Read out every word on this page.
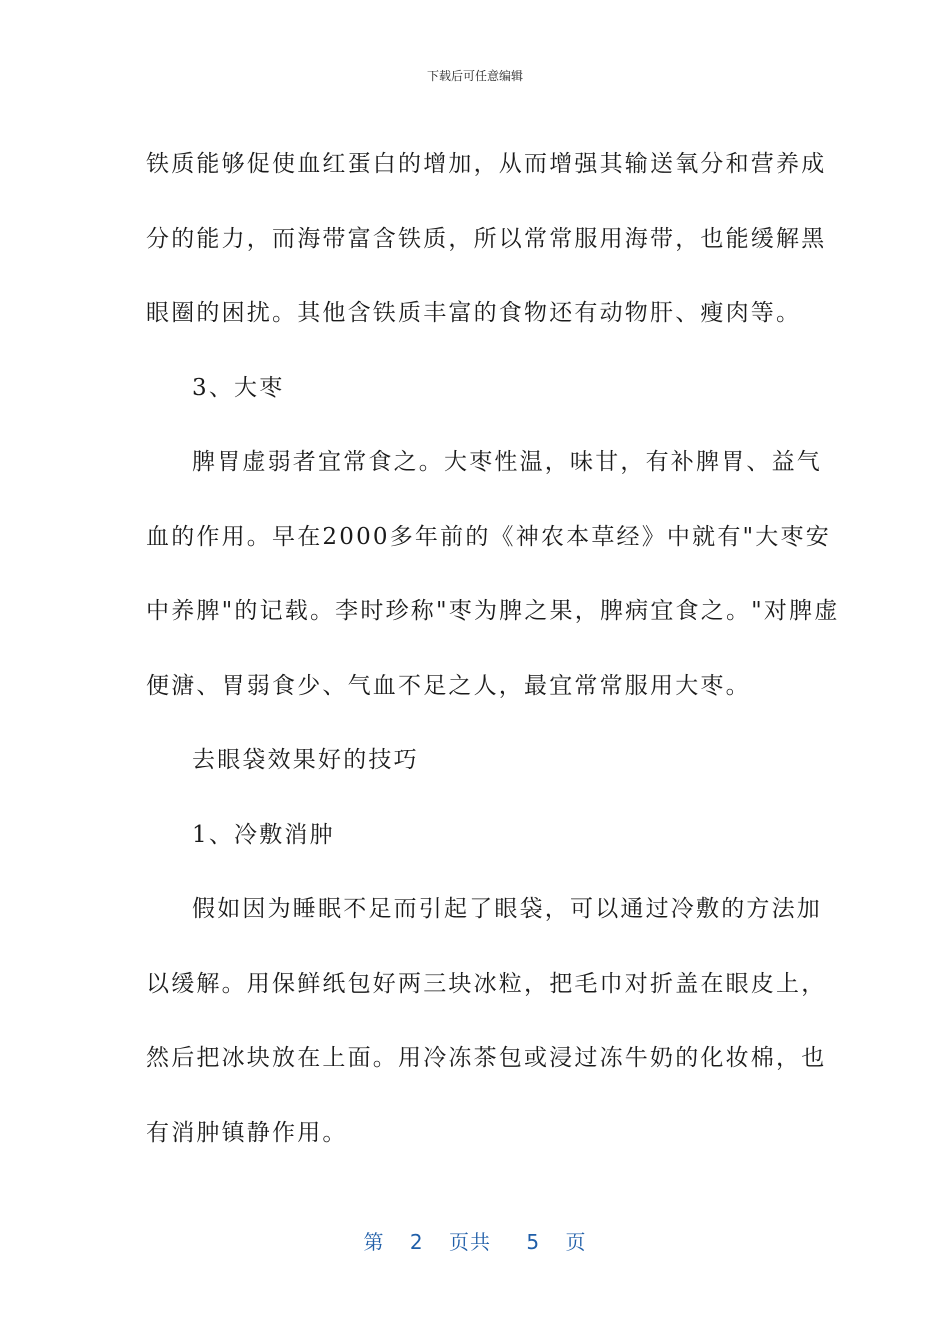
下载后可任意编辑
铁质能够促使血红蛋白的增加，从而增强其输送氧分和营养成
分的能力，而海带富含铁质，所以常常服用海带，也能缓解黑
眼圈的困扰。其他含铁质丰富的食物还有动物肝、瘦肉等。
3、大枣
脾胃虚弱者宜常食之。大枣性温，味甘，有补脾胃、益气
血的作用。早在2000多年前的《神农本草经》中就有"大枣安
中养脾"的记载。李时珍称"枣为脾之果，脾病宜食之。"对脾虚
便溏、胃弱食少、气血不足之人，最宜常常服用大枣。
去眼袋效果好的技巧
1、冷敷消肿
假如因为睡眠不足而引起了眼袋，可以通过冷敷的方法加
以缓解。用保鲜纸包好两三块冰粒，把毛巾对折盖在眼皮上，
然后把冰块放在上面。用冷冻茶包或浸过冻牛奶的化妆棉，也
有消肿镇静作用。
第 2 页共 5 页
